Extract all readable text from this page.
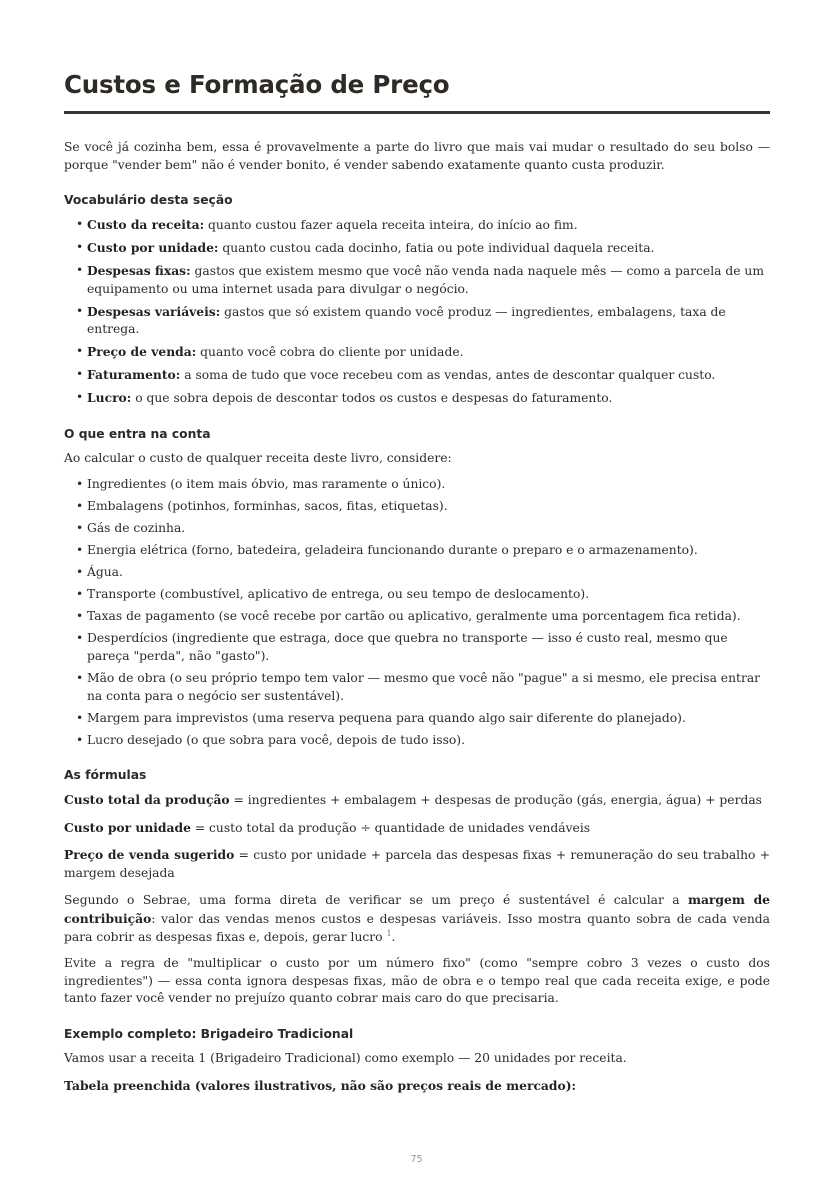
Custos e Formação de Preço

Se você já cozinha bem, essa é provavelmente a parte do livro que mais vai mudar o resultado do seu bolso — porque "vender bem" não é vender bonito, é vender sabendo exatamente quanto custa produzir.

Vocabulário desta seção
• Custo da receita: quanto custou fazer aquela receita inteira, do início ao fim.
• Custo por unidade: quanto custou cada docinho, fatia ou pote individual daquela receita.
• Despesas fixas: gastos que existem mesmo que você não venda nada naquele mês — como a parcela de um equipamento ou uma internet usada para divulgar o negócio.
• Despesas variáveis: gastos que só existem quando você produz — ingredientes, embalagens, taxa de entrega.
• Preço de venda: quanto você cobra do cliente por unidade.
• Faturamento: a soma de tudo que voce recebeu com as vendas, antes de descontar qualquer custo.
• Lucro: o que sobra depois de descontar todos os custos e despesas do faturamento.
O que entra na conta

Ao calcular o custo de qualquer receita deste livro, considere:

• Ingredientes (o item mais óbvio, mas raramente o único).
• Embalagens (potinhos, forminhas, sacos, fitas, etiquetas).
• Gás de cozinha.
• Energia elétrica (forno, batedeira, geladeira funcionando durante o preparo e o armazenamento).
• Água.
• Transporte (combustível, aplicativo de entrega, ou seu tempo de deslocamento).
• Taxas de pagamento (se você recebe por cartão ou aplicativo, geralmente uma porcentagem fica retida).
• Desperdícios (ingrediente que estraga, doce que quebra no transporte — isso é custo real, mesmo que pareça "perda", não "gasto").
• Mão de obra (o seu próprio tempo tem valor — mesmo que você não "pague" a si mesmo, ele precisa entrar na conta para o negócio ser sustentável).
• Margem para imprevistos (uma reserva pequena para quando algo sair diferente do planejado).
• Lucro desejado (o que sobra para você, depois de tudo isso).
As fórmulas

Custo total da produção = ingredientes + embalagem + despesas de produção (gás, energia, água) + perdas

Custo por unidade = custo total da produção ÷ quantidade de unidades vendáveis

Preço de venda sugerido = custo por unidade + parcela das despesas fixas + remuneração do seu trabalho + margem desejada

Segundo o Sebrae, uma forma direta de verificar se um preço é sustentável é calcular a margem de contribuição: valor das vendas menos custos e despesas variáveis. Isso mostra quanto sobra de cada venda para cobrir as despesas fixas e, depois, gerar lucro $^1$.

Evite a regra de "multiplicar o custo por um número fixo" (como "sempre cobro 3 vezes o custo dos ingredientes") — essa conta ignora despesas fixas, mão de obra e o tempo real que cada receita exige, e pode tanto fazer você vender no prejuízo quanto cobrar mais caro do que precisaria.

Exemplo completo: Brigadeiro Tradicional

Vamos usar a receita 1 (Brigadeiro Tradicional) como exemplo — 20 unidades por receita.

Tabela preenchida (valores ilustrativos, não são preços reais de mercado):

75
